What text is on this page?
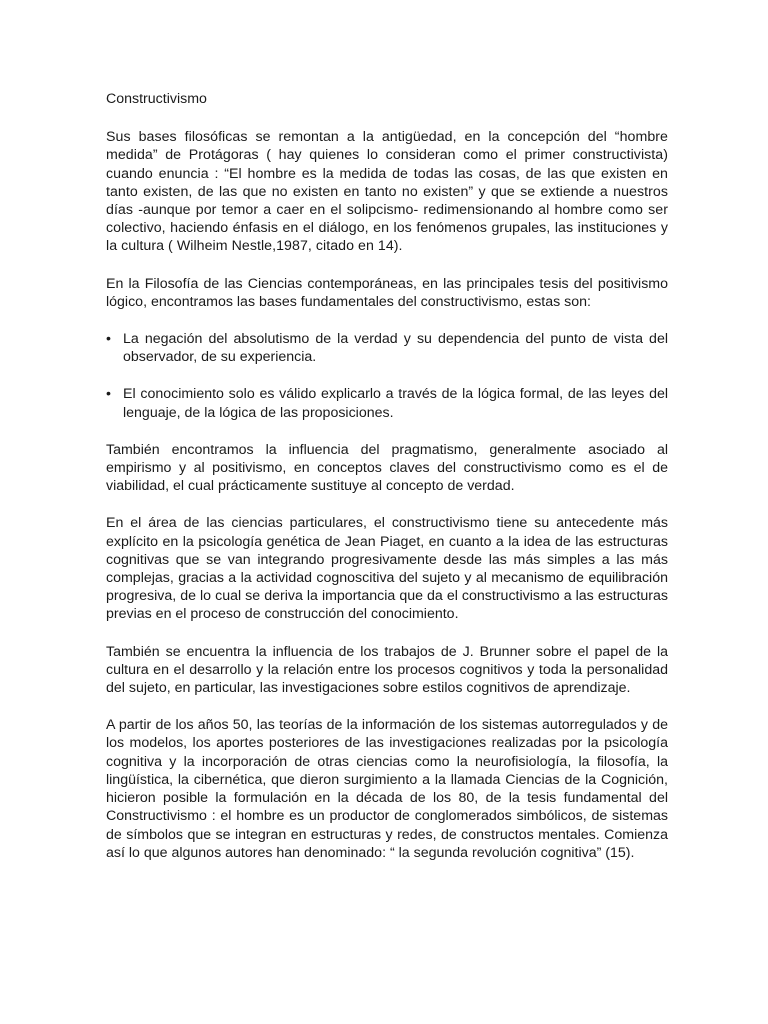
Constructivismo

Sus bases filosóficas se remontan a la antigüedad, en la concepción del “hombre medida” de Protágoras ( hay quienes lo consideran como el primer constructivista) cuando enuncia : “El hombre es la medida de todas las cosas, de las que existen en tanto existen, de las que no existen en tanto no existen” y que se extiende a nuestros días -aunque por temor a caer en el solipcismo- redimensionando al hombre como ser colectivo, haciendo énfasis en el diálogo, en los fenómenos grupales, las instituciones y la cultura ( Wilheim Nestle,1987, citado en 14).

En la Filosofía de las Ciencias contemporáneas, en las principales tesis del positivismo lógico, encontramos las bases fundamentales del constructivismo, estas son:

• La negación del absolutismo de la verdad y su dependencia del punto de vista del observador, de su experiencia.
• El conocimiento solo es válido explicarlo a través de la lógica formal, de las leyes del lenguaje, de la lógica de las proposiciones.

También encontramos la influencia del pragmatismo, generalmente asociado al empirismo y al positivismo, en conceptos claves del constructivismo como es el de viabilidad, el cual prácticamente sustituye al concepto de verdad.

En el área de las ciencias particulares, el constructivismo tiene su antecedente más explícito en la psicología genética de Jean Piaget, en cuanto a la idea de las estructuras cognitivas que se van integrando progresivamente desde las más simples a las más complejas, gracias a la actividad cognoscitiva del sujeto y al mecanismo de equilibración progresiva, de lo cual se deriva la importancia que da el constructivismo a las estructuras previas en el proceso de construcción del conocimiento.

También se encuentra la influencia de los trabajos de J. Brunner sobre el papel de la cultura en el desarrollo y la relación entre los procesos cognitivos y toda la personalidad del sujeto, en particular, las investigaciones sobre estilos cognitivos de aprendizaje.

A partir de los años 50, las teorías de la información de los sistemas autorregulados y de los modelos, los aportes posteriores de las investigaciones realizadas por la psicología cognitiva y la incorporación de otras ciencias como la neurofisiología, la filosofía, la lingüística, la cibernética, que dieron surgimiento a la llamada Ciencias de la Cognición, hicieron posible la formulación en la década de los 80, de la tesis fundamental del Constructivismo : el hombre es un productor de conglomerados simbólicos, de sistemas de símbolos que se integran en estructuras y redes, de constructos mentales. Comienza así lo que algunos autores han denominado: “ la segunda revolución cognitiva” (15).
